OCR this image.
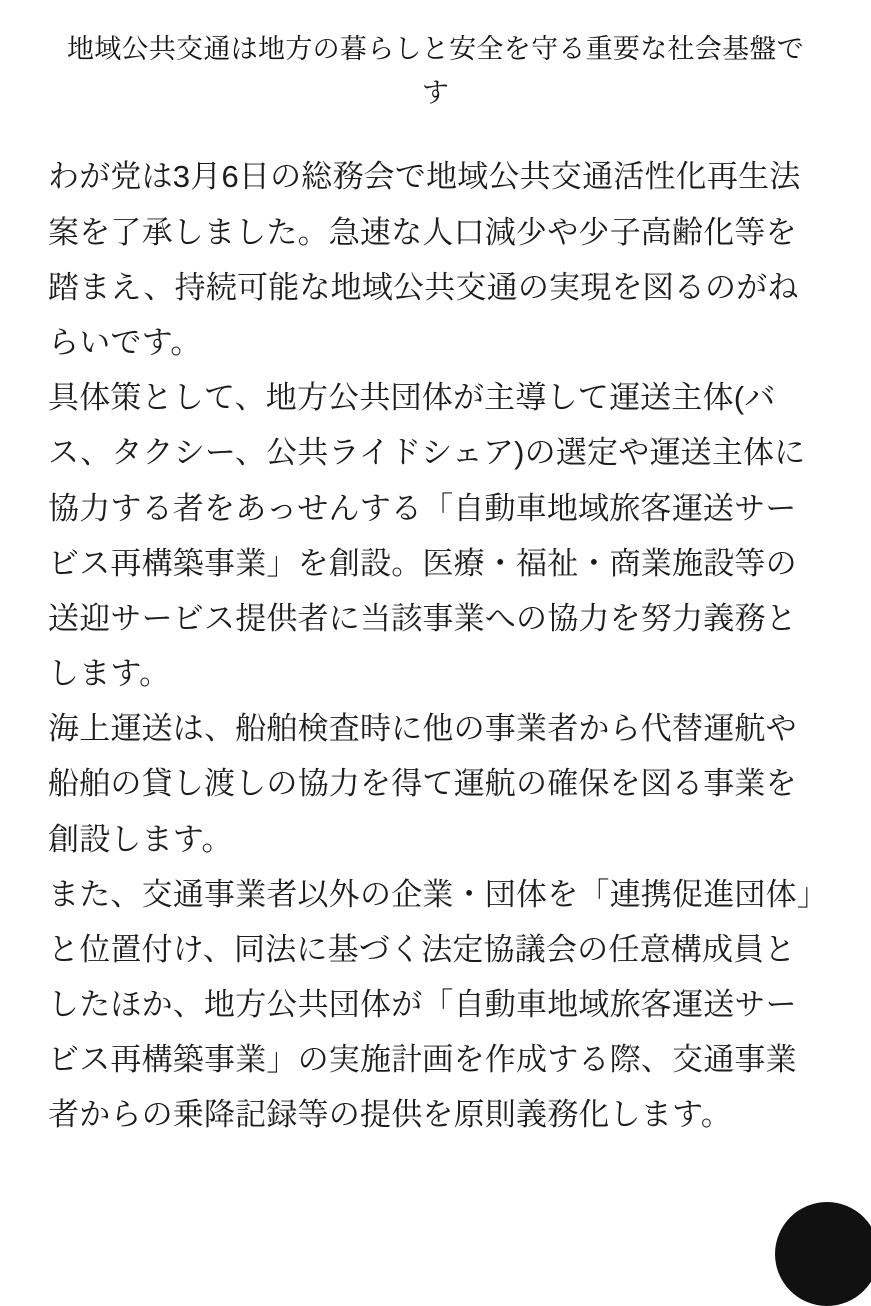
地域公共交通は地方の暮らしと安全を守る重要な社会基盤です

わが党は3月6日の総務会で地域公共交通活性化再生法案を了承しました。急速な人口減少や少子高齢化等を踏まえ、持続可能な地域公共交通の実現を図るのがねらいです。

具体策として、地方公共団体が主導して運送主体(バス、タクシー、公共ライドシェア)の選定や運送主体に協力する者をあっせんする「自動車地域旅客運送サービス再構築事業」を創設。医療・福祉・商業施設等の送迎サービス提供者に当該事業への協力を努力義務とします。

海上運送は、船舶検査時に他の事業者から代替運航や船舶の貸し渡しの協力を得て運航の確保を図る事業を創設します。

また、交通事業者以外の企業・団体を「連携促進団体」と位置付け、同法に基づく法定協議会の任意構成員としたほか、地方公共団体が「自動車地域旅客運送サービス再構築事業」の実施計画を作成する際、交通事業者からの乗降記録等の提供を原則義務化します。
